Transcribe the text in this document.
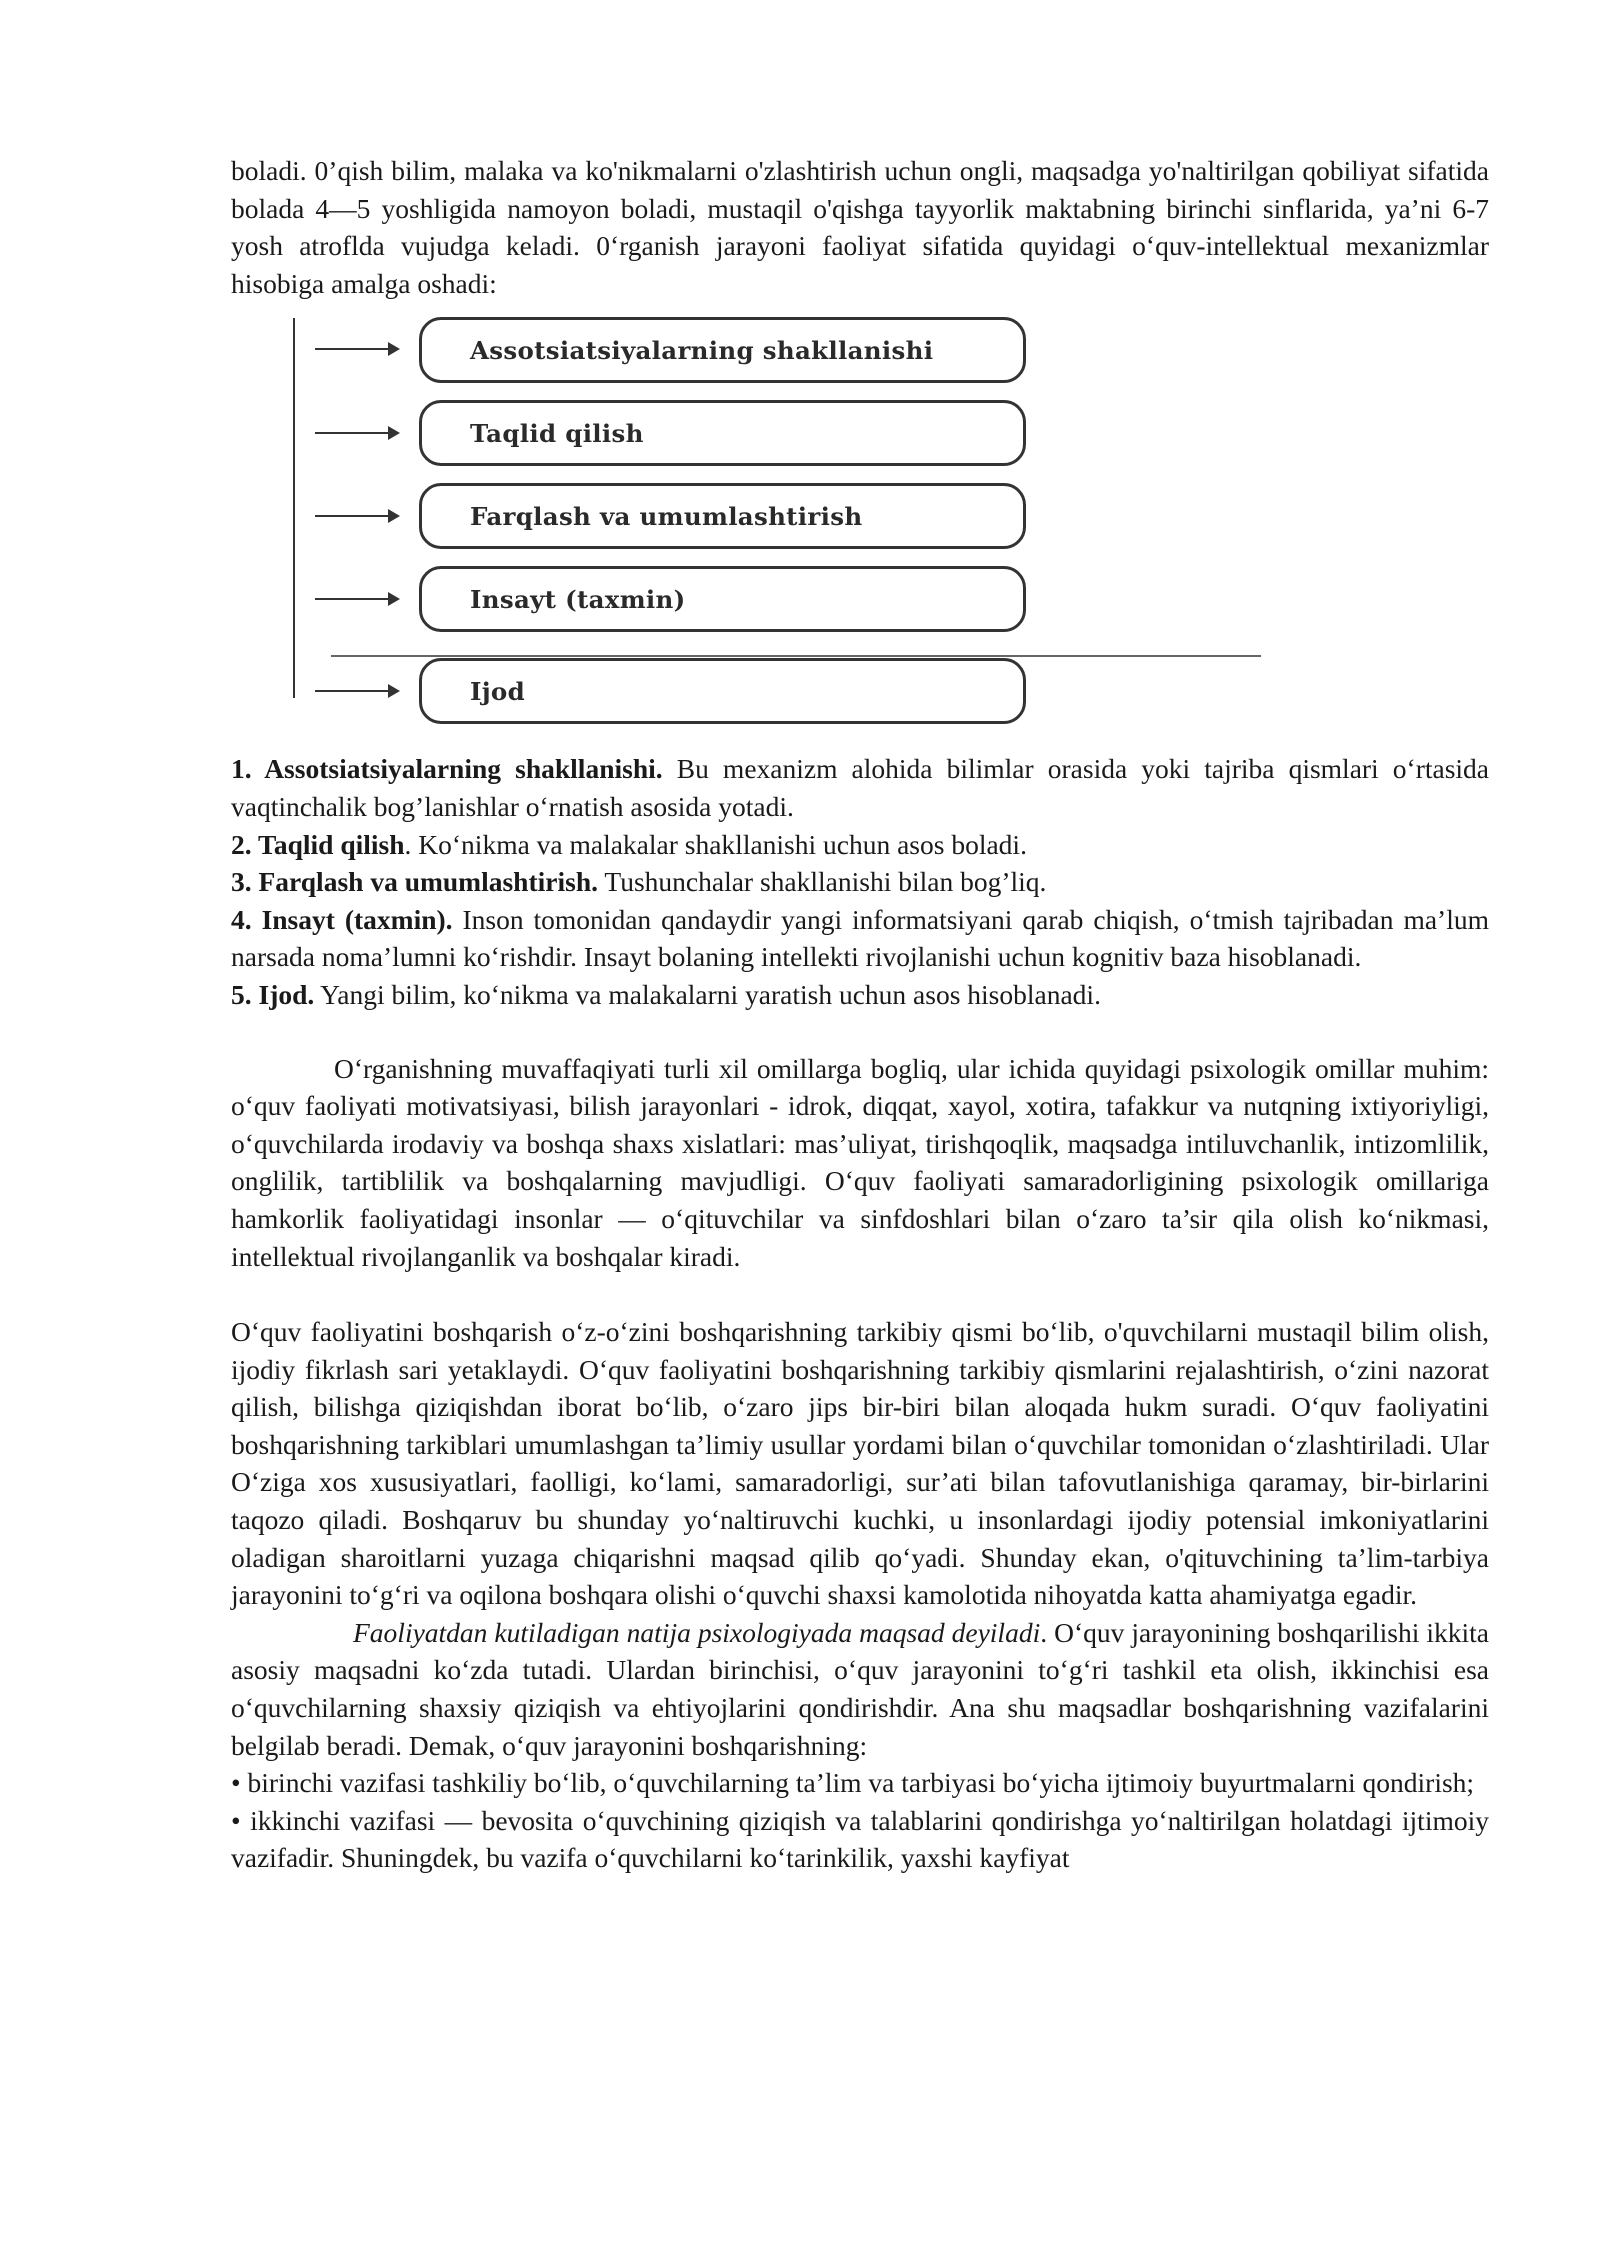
boladi. 0’qish bilim, malaka va ko'nikmalarni o'zlashtirish uchun ongli, maqsadga yo'naltirilgan qobiliyat sifatida bolada 4—5 yoshligida namoyon boladi, mustaqil o'qishga tayyorlik maktabning birinchi sinflarida, ya’ni 6-7 yosh atroflda vujudga keladi. 0‘rganish jarayoni faoliyat sifatida quyidagi o‘quv-intellektual mexanizmlar hisobiga amalga oshadi:

Assotsiatsiyalarning shakllanishi
Taqlid qilish
Farqlash va umumlashtirish
Insayt (taxmin)
Ijod

1. Assotsiatsiyalarning shakllanishi. Bu mexanizm alohida bilimlar orasida yoki tajriba qismlari o‘rtasida vaqtinchalik bog’lanishlar o‘rnatish asosida yotadi.

2. Taqlid qilish. Ko‘nikma va malakalar shakllanishi uchun asos boladi.

3. Farqlash va umumlashtirish. Tushunchalar shakllanishi bilan bog’liq.

4. Insayt (taxmin). Inson tomonidan qandaydir yangi informatsiyani qarab chiqish, o‘tmish tajribadan ma’lum narsada noma’lumni ko‘rishdir. Insayt bolaning intellekti rivojlanishi uchun kognitiv baza hisoblanadi.

5. Ijod. Yangi bilim, ko‘nikma va malakalarni yaratish uchun asos hisoblanadi.

O‘rganishning muvaffaqiyati turli xil omillarga bogliq, ular ichida quyidagi psixologik omillar muhim: o‘quv faoliyati motivatsiyasi, bilish jarayonlari - idrok, diqqat, xayol, xotira, tafakkur va nutqning ixtiyoriyligi, o‘quvchilarda irodaviy va boshqa shaxs xislatlari: mas’uliyat, tirishqoqlik, maqsadga intiluvchanlik, intizomlilik, onglilik, tartiblilik va boshqalarning mavjudligi. O‘quv faoliyati samaradorligining psixologik omillariga hamkorlik faoliyatidagi insonlar — o‘qituvchilar va sinfdoshlari bilan o‘zaro ta’sir qila olish ko‘nikmasi, intellektual rivojlanganlik va boshqalar kiradi.

O‘quv faoliyatini boshqarish o‘z-o‘zini boshqarishning tarkibiy qismi bo‘lib, o'quvchilarni mustaqil bilim olish, ijodiy fikrlash sari yetaklaydi. O‘quv faoliyatini boshqarishning tarkibiy qismlarini rejalashtirish, o‘zini nazorat qilish, bilishga qiziqishdan iborat bo‘lib, o‘zaro jips bir-biri bilan aloqada hukm suradi. O‘quv faoliyatini boshqarishning tarkiblari umumlashgan ta’limiy usullar yordami bilan o‘quvchilar tomonidan o‘zlashtiriladi. Ular O‘ziga xos xususiyatlari, faolligi, ko‘lami, samaradorligi, sur’ati bilan tafovutlanishiga qaramay, bir-birlarini taqozo qiladi. Boshqaruv bu shunday yo‘naltiruvchi kuchki, u insonlardagi ijodiy potensial imkoniyatlarini oladigan sharoitlarni yuzaga chiqarishni maqsad qilib qo‘yadi. Shunday ekan, o'qituvchining ta’lim-tarbiya jarayonini to‘g‘ri va oqilona boshqara olishi o‘quvchi shaxsi kamolotida nihoyatda katta ahamiyatga egadir.

Faoliyatdan kutiladigan natija psixologiyada maqsad deyiladi. O‘quv jarayonining boshqarilishi ikkita asosiy maqsadni ko‘zda tutadi. Ulardan birinchisi, o‘quv jarayonini to‘g‘ri tashkil eta olish, ikkinchisi esa o‘quvchilarning shaxsiy qiziqish va ehtiyojlarini qondirishdir. Ana shu maqsadlar boshqarishning vazifalarini belgilab beradi. Demak, o‘quv jarayonini boshqarishning:

• birinchi vazifasi tashkiliy bo‘lib, o‘quvchilarning ta’lim va tarbiyasi bo‘yicha ijtimoiy buyurtmalarni qondirish;

• ikkinchi vazifasi — bevosita o‘quvchining qiziqish va talablarini qondirishga yo‘naltirilgan holatdagi ijtimoiy vazifadir. Shuningdek, bu vazifa o‘quvchilarni ko‘tarinkilik, yaxshi kayfiyat
